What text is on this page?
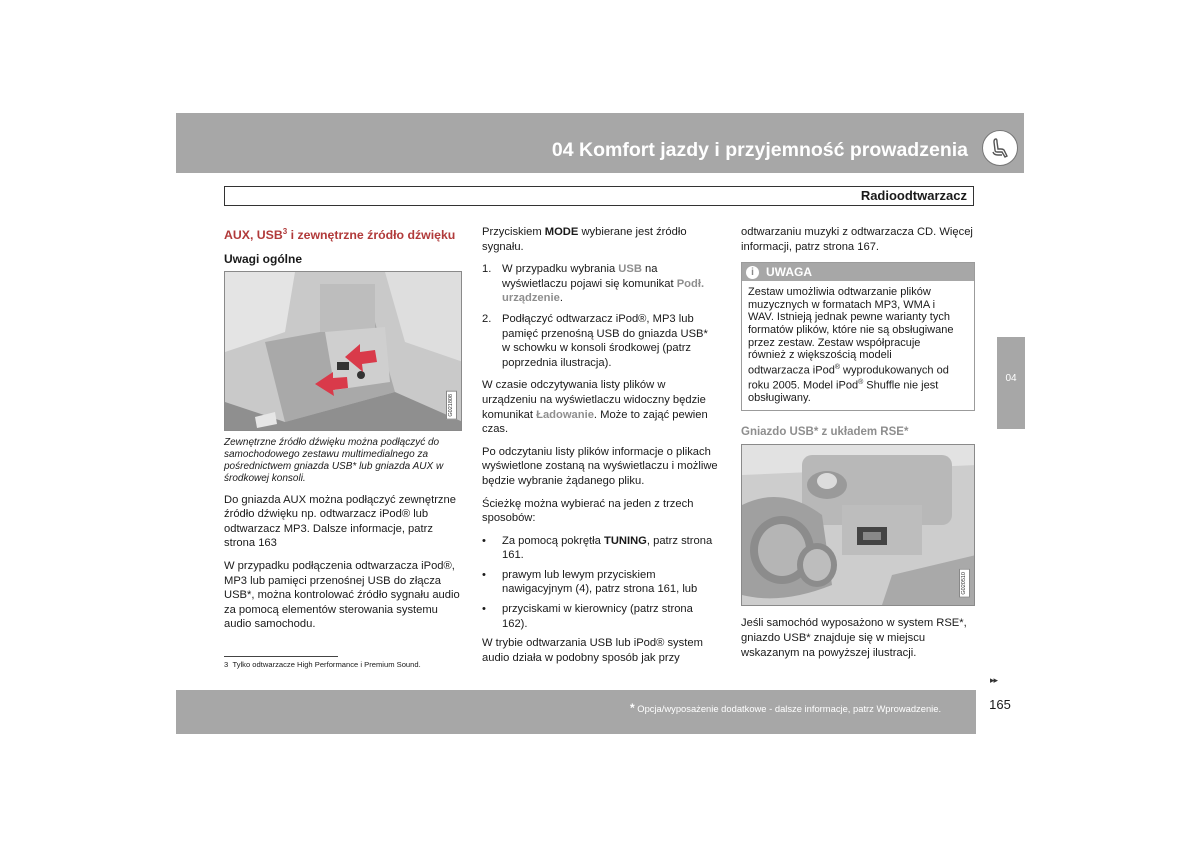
04 Komfort jazdy i przyjemność prowadzenia
Radioodtwarzacz
AUX, USB$^3$ i zewnętrzne źródło dźwięku
Uwagi ogólne
G021808
Zewnętrzne źródło dźwięku można podłączyć do samochodowego zestawu multimedialnego za pośrednictwem gniazda USB* lub gniazda AUX w środkowej konsoli.

Do gniazda AUX można podłączyć zewnętrzne źródło dźwięku np. odtwarzacz iPod® lub odtwarzacz MP3. Dalsze informacje, patrz strona 163

W przypadku podłączenia odtwarzacza iPod®, MP3 lub pamięci przenośnej USB do złącza USB*, można kontrolować źródło sygnału audio za pomocą elementów sterowania systemu audio samochodu.

Przyciskiem MODE wybierane jest źródło sygnału.

1. W przypadku wybrania USB na wyświetlaczu pojawi się komunikat Podł. urządzenie.
2. Podłączyć odtwarzacz iPod®, MP3 lub pamięć przenośną USB do gniazda USB* w schowku w konsoli środkowej (patrz poprzednia ilustracja).

W czasie odczytywania listy plików w urządzeniu na wyświetlaczu widoczny będzie komunikat Ładowanie. Może to zająć pewien czas.

Po odczytaniu listy plików informacje o plikach wyświetlone zostaną na wyświetlaczu i możliwe będzie wybranie żądanego pliku.

Ścieżkę można wybierać na jeden z trzech sposobów:

•	Za pomocą pokrętła TUNING, patrz strona 161.
•	prawym lub lewym przyciskiem nawigacyjnym (4), patrz strona 161, lub
•	przyciskami w kierownicy (patrz strona 162).

W trybie odtwarzania USB lub iPod® system audio działa w podobny sposób jak przy

odtwarzaniu muzyki z odtwarzacza CD. Więcej informacji, patrz strona 167.

i	UWAGA
Zestaw umożliwia odtwarzanie plików muzycznych w formatach MP3, WMA i WAV. Istnieją jednak pewne warianty tych formatów plików, które nie są obsługiwane przez zestaw. Zestaw współpracuje również z większością modeli odtwarzacza iPod® wyprodukowanych od roku 2005. Model iPod® Shuffle nie jest obsługiwany.
Gniazdo USB* z układem RSE*
G020510

Jeśli samochód wyposażono w system RSE*, gniazdo USB* znajduje się w miejscu wskazanym na powyższej ilustracji.

04
3 Tylko odtwarzacze High Performance i Premium Sound.
▸▸
* Opcja/wyposażenie dodatkowe - dalsze informacje, patrz Wprowadzenie.	165
